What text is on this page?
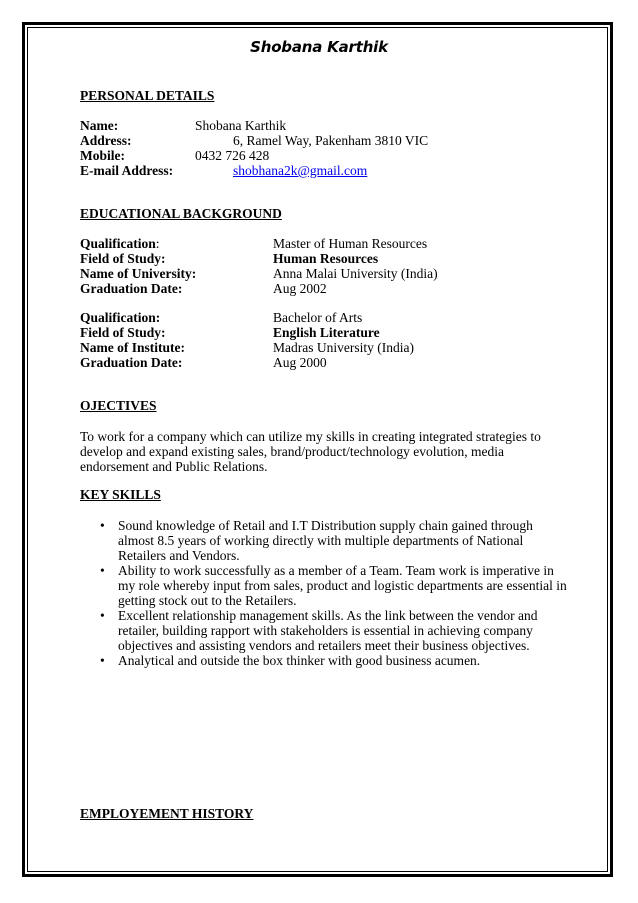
Shobana Karthik
PERSONAL DETAILS
Name:	Shobana Karthik
Address:	6, Ramel Way, Pakenham 3810 VIC
Mobile:	0432 726 428
E-mail Address:	shobhana2k@gmail.com
EDUCATIONAL BACKGROUND
Qualification:	Master of Human Resources
Field of Study:	Human Resources
Name of University:	Anna Malai University (India)
Graduation Date:	Aug 2002
Qualification:	Bachelor of Arts
Field of Study:	English Literature
Name of Institute:	Madras University (India)
Graduation Date:	Aug 2000
OJECTIVES
To work for a company which can utilize my skills in creating integrated strategies to develop and expand existing sales, brand/product/technology evolution, media endorsement and Public Relations.
KEY SKILLS
• Sound knowledge of Retail and I.T Distribution supply chain gained through almost 8.5 years of working directly with multiple departments of National Retailers and Vendors.
• Ability to work successfully as a member of a Team. Team work is imperative in my role whereby input from sales, product and logistic departments are essential in getting stock out to the Retailers.
• Excellent relationship management skills. As the link between the vendor and retailer, building rapport with stakeholders is essential in achieving company objectives and assisting vendors and retailers meet their business objectives.
• Analytical and outside the box thinker with good business acumen.
EMPLOYEMENT HISTORY
